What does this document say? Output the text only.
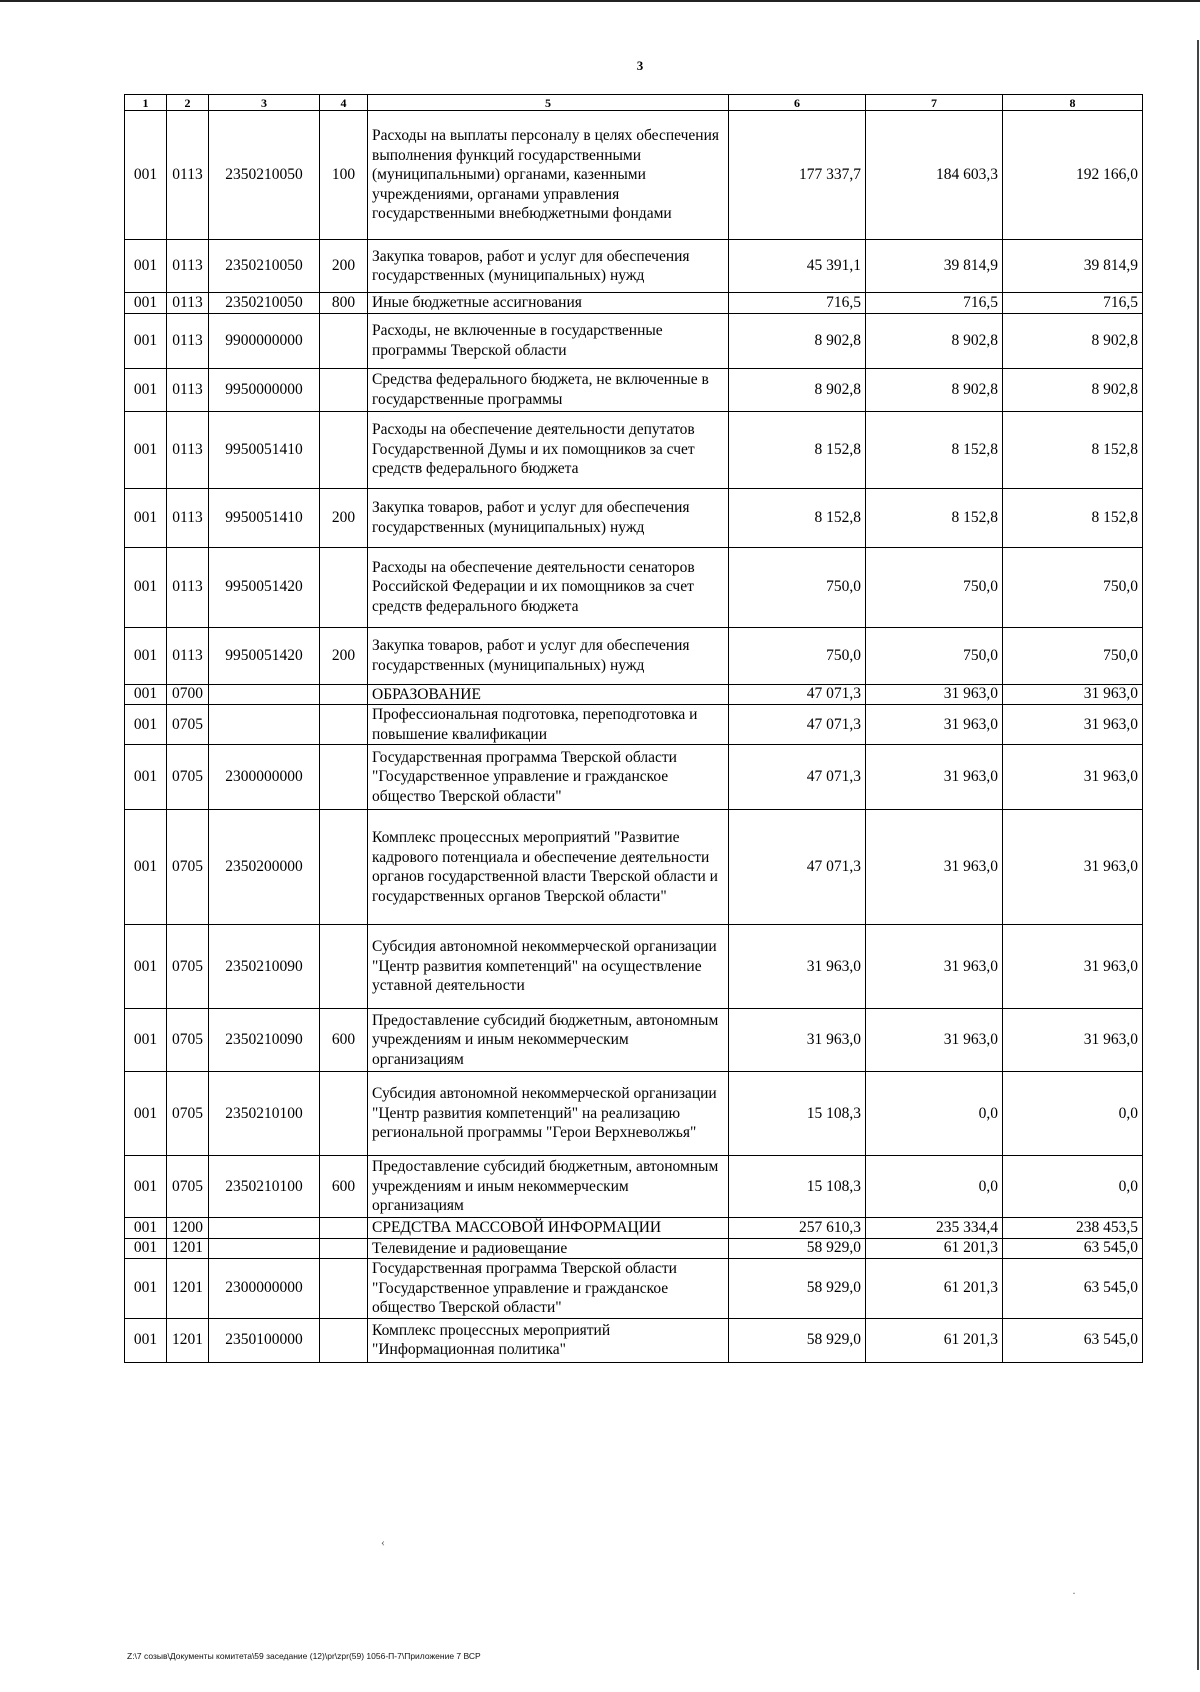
3
1	2	3	4	5	6	7	8
001	0113	2350210050	100	Расходы на выплаты персоналу в целях обеспечения выполнения функций государственными (муниципальными) органами, казенными учреждениями, органами управления государственными внебюджетными фондами	177 337,7	184 603,3	192 166,0
001	0113	2350210050	200	Закупка товаров, работ и услуг для обеспечения государственных (муниципальных) нужд	45 391,1	39 814,9	39 814,9
001	0113	2350210050	800	Иные бюджетные ассигнования	716,5	716,5	716,5
001	0113	9900000000		Расходы, не включенные в государственные программы Тверской области	8 902,8	8 902,8	8 902,8
001	0113	9950000000		Средства федерального бюджета, не включенные в государственные программы	8 902,8	8 902,8	8 902,8
001	0113	9950051410		Расходы на обеспечение деятельности депутатов Государственной Думы и их помощников за счет средств федерального бюджета	8 152,8	8 152,8	8 152,8
001	0113	9950051410	200	Закупка товаров, работ и услуг для обеспечения государственных (муниципальных) нужд	8 152,8	8 152,8	8 152,8
001	0113	9950051420		Расходы на обеспечение деятельности сенаторов Российской Федерации и их помощников за счет средств федерального бюджета	750,0	750,0	750,0
001	0113	9950051420	200	Закупка товаров, работ и услуг для обеспечения государственных (муниципальных) нужд	750,0	750,0	750,0
001	0700			ОБРАЗОВАНИЕ	47 071,3	31 963,0	31 963,0
001	0705			Профессиональная подготовка, переподготовка и повышение квалификации	47 071,3	31 963,0	31 963,0
001	0705	2300000000		Государственная программа Тверской области "Государственное управление и гражданское общество Тверской области"	47 071,3	31 963,0	31 963,0
001	0705	2350200000		Комплекс процессных мероприятий "Развитие кадрового потенциала и обеспечение деятельности органов государственной власти Тверской области и государственных органов Тверской области"	47 071,3	31 963,0	31 963,0
001	0705	2350210090		Субсидия автономной некоммерческой организации "Центр развития компетенций" на осуществление уставной деятельности	31 963,0	31 963,0	31 963,0
001	0705	2350210090	600	Предоставление субсидий бюджетным, автономным учреждениям и иным некоммерческим организациям	31 963,0	31 963,0	31 963,0
001	0705	2350210100		Субсидия автономной некоммерческой организации "Центр развития компетенций" на реализацию региональной программы "Герои Верхневолжья"	15 108,3	0,0	0,0
001	0705	2350210100	600	Предоставление субсидий бюджетным, автономным учреждениям и иным некоммерческим организациям	15 108,3	0,0	0,0
001	1200			СРЕДСТВА МАССОВОЙ ИНФОРМАЦИИ	257 610,3	235 334,4	238 453,5
001	1201			Телевидение и радиовещание	58 929,0	61 201,3	63 545,0
001	1201	2300000000		Государственная программа Тверской области "Государственное управление и гражданское общество Тверской области"	58 929,0	61 201,3	63 545,0
001	1201	2350100000		Комплекс процессных мероприятий "Информационная политика"	58 929,0	61 201,3	63 545,0
Z:\7 созыв\Документы комитета\59 заседание (12)\pr\zpr(59) 1056-П-7\Приложение 7 ВСР
‹
·
